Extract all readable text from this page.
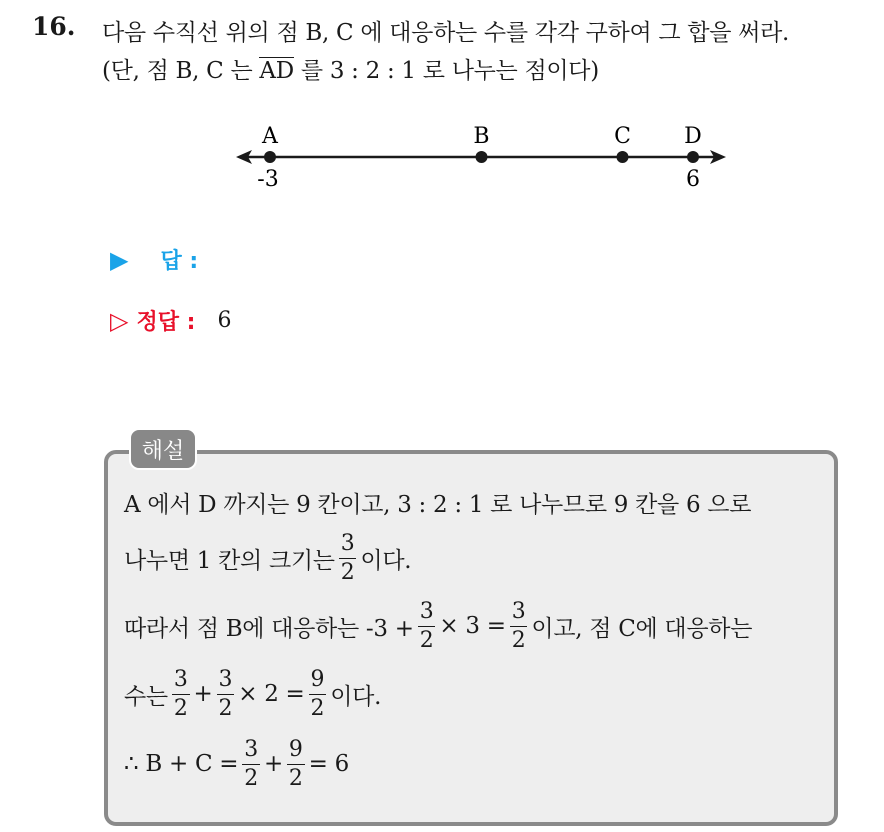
16. 다음 수직선 위의 점 B, C 에 대응하는 수를 각각 구하여 그 합을 써라.
(단, 점 B, C 는 AD 를 3 : 2 : 1 로 나누는 점이다)
A
-3
B	C D
6
▶ 답 :
▷ 정답 : 6
해설
A 에서 D 까지는 9 칸이고, 3 : 2 : 1 로 나누므로 9 칸을 6 으로
나누면 1 칸의 크기는 $\frac{3}{2}$ 이다.
따라서 점 B에 대응하는 $-3 + \frac{3}{2} \times 3 = \frac{3}{2}$ 이고, 점 C에 대응하는
수는 $\frac{3}{2} + \frac{3}{2} \times 2 = \frac{9}{2}$ 이다.
∴ $B + C = \frac{3}{2} + \frac{9}{2} = 6$
